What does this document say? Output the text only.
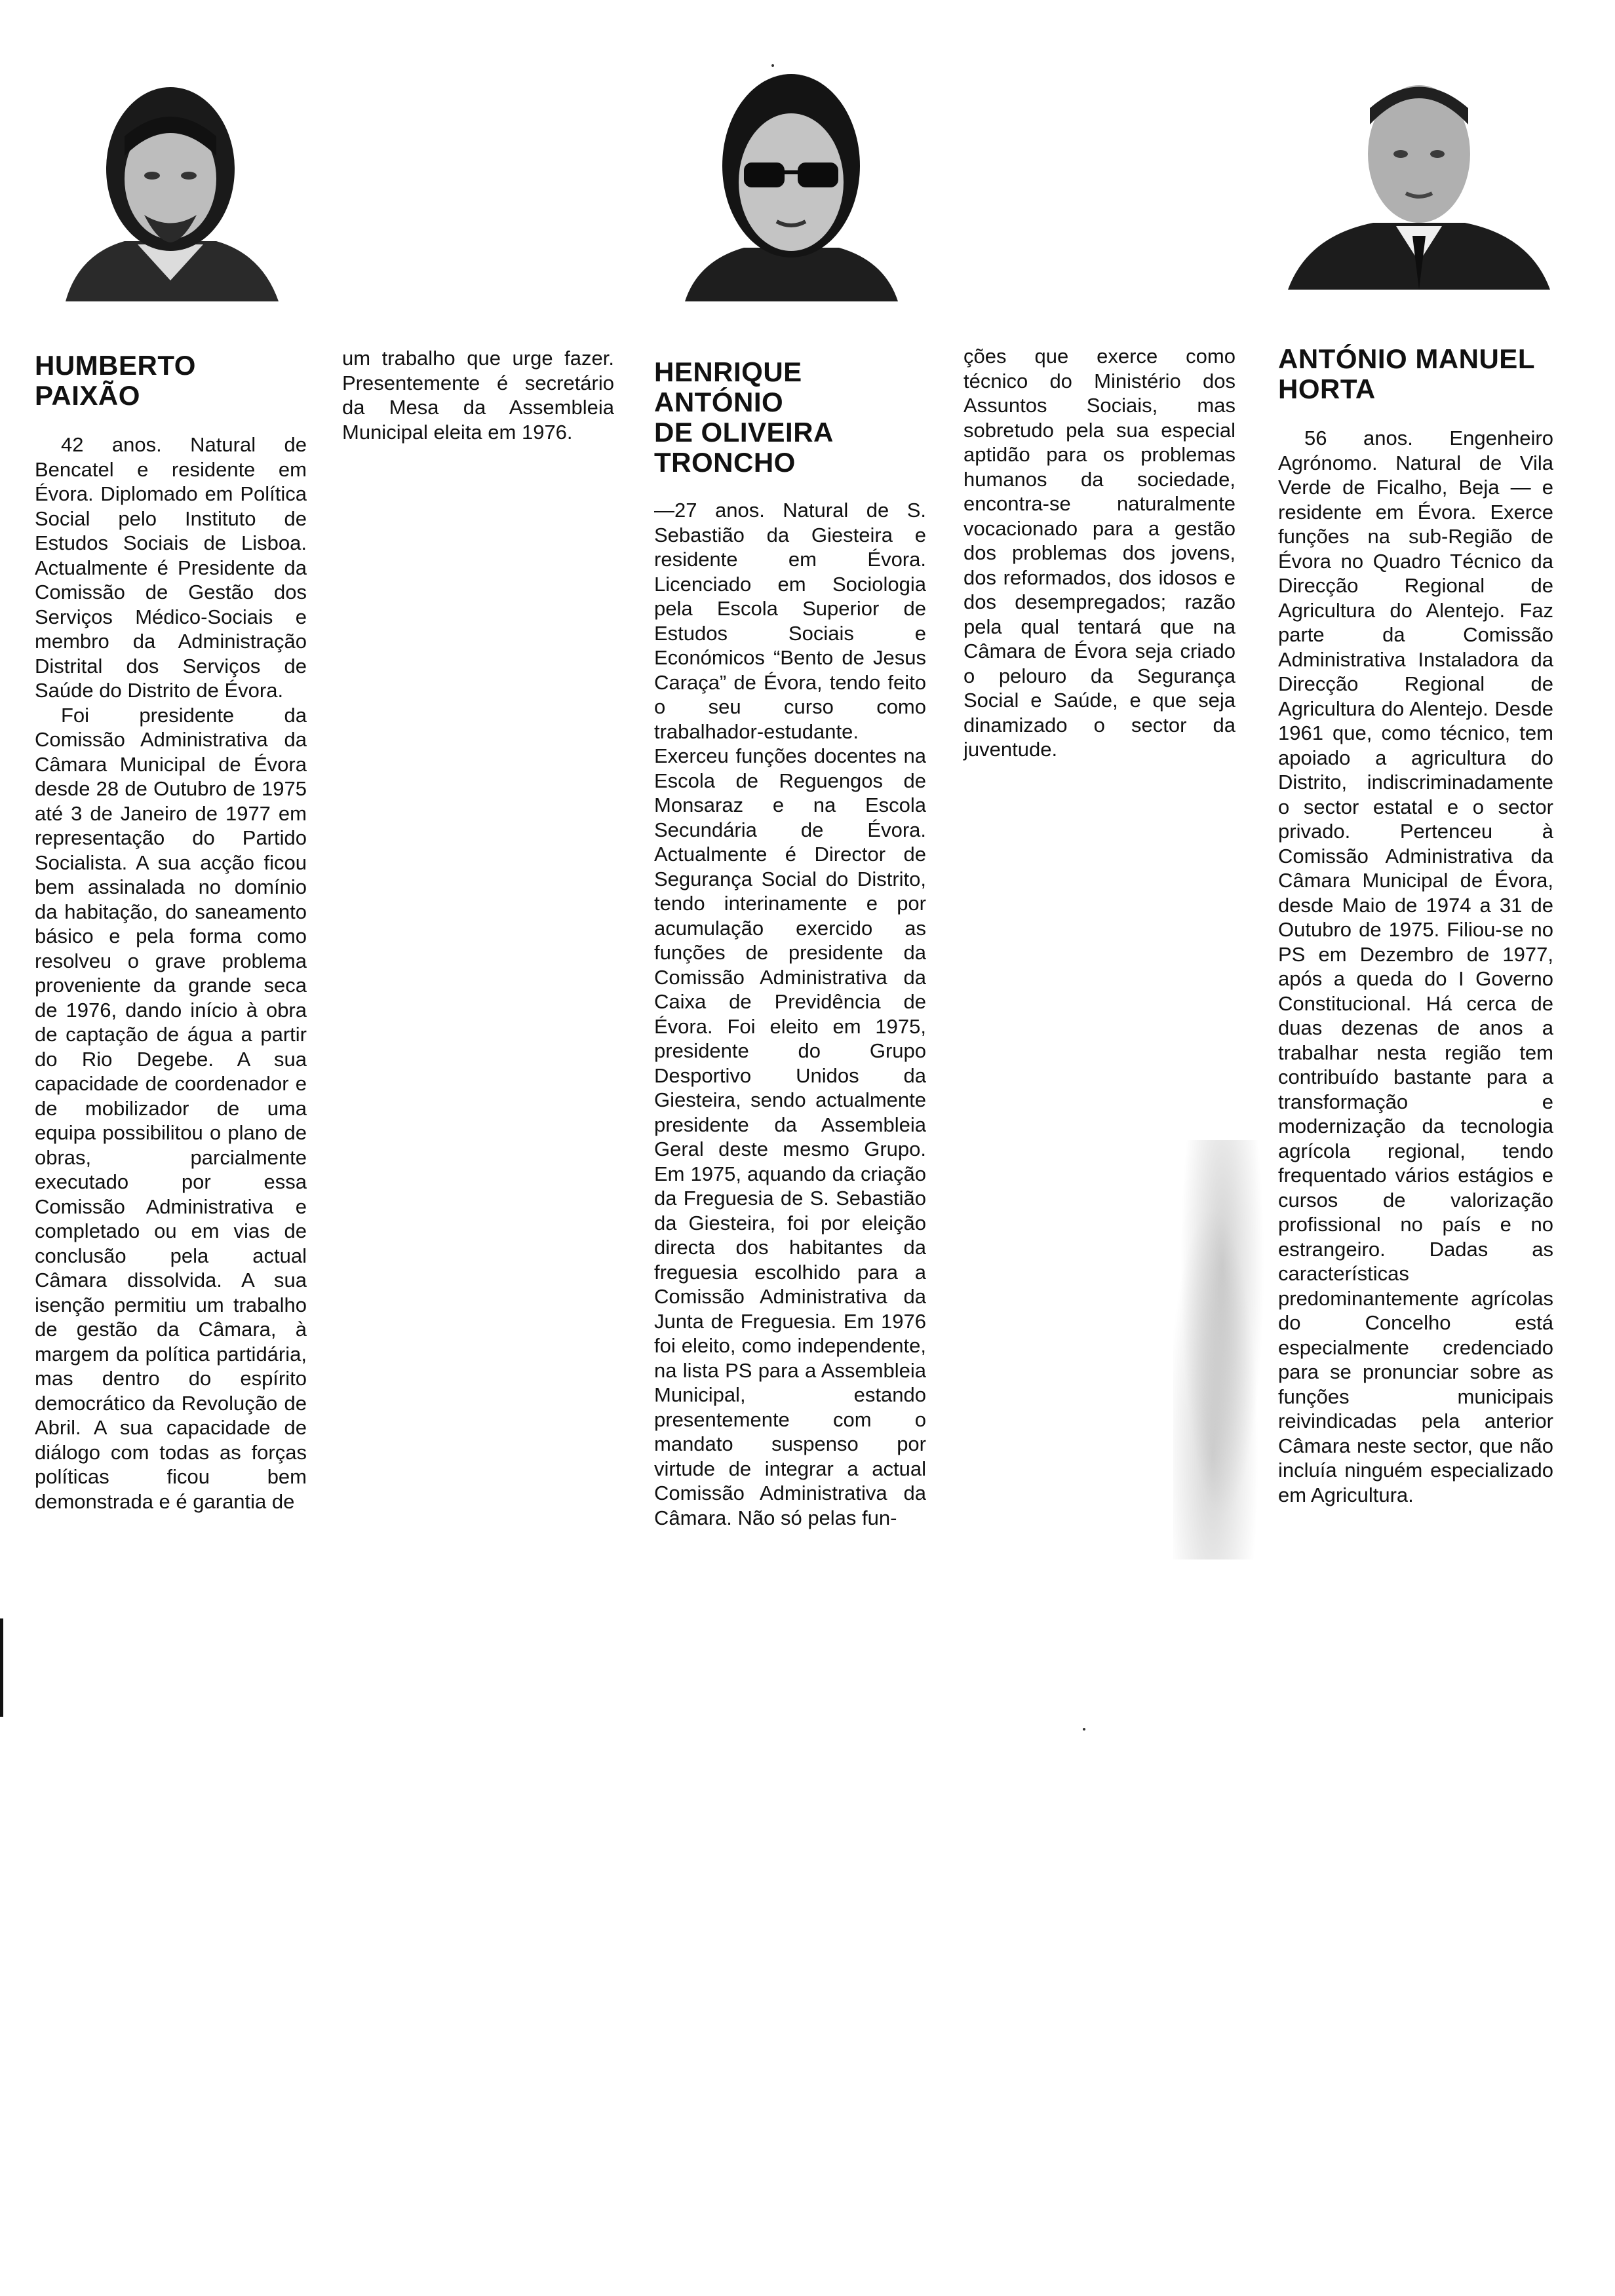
HUMBERTO
PAIXÃO

42 anos. Natural de Bencatel e residente em Évora. Diplomado em Política Social pelo Instituto de Estudos Sociais de Lisboa. Actualmente é Presidente da Comissão de Gestão dos Serviços Médico-Sociais e membro da Administração Distrital dos Serviços de Saúde do Distrito de Évora.

Foi presidente da Comissão Administrativa da Câmara Municipal de Évora desde 28 de Outubro de 1975 até 3 de Janeiro de 1977 em representação do Partido Socialista. A sua acção ficou bem assinalada no domínio da habitação, do saneamento básico e pela forma como resolveu o grave problema proveniente da grande seca de 1976, dando início à obra de captação de água a partir do Rio Degebe. A sua capacidade de coordenador e de mobilizador de uma equipa possibilitou o plano de obras, parcialmente executado por essa Comissão Administrativa e completado ou em vias de conclusão pela actual Câmara dissolvida. A sua isenção permitiu um trabalho de gestão da Câmara, à margem da política partidária, mas dentro do espírito democrático da Revolução de Abril. A sua capacidade de diálogo com todas as forças políticas ficou bem demonstrada e é garantia de

um trabalho que urge fazer. Presentemente é secretário da Mesa da Assembleia Municipal eleita em 1976.

HENRIQUE
ANTÓNIO
DE OLIVEIRA
TRONCHO

—27 anos. Natural de S. Sebastião da Giesteira e residente em Évora. Licenciado em Sociologia pela Escola Superior de Estudos Sociais e Económicos “Bento de Jesus Caraça” de Évora, tendo feito o seu curso como trabalhador-estudante. Exerceu funções docentes na Escola de Reguengos de Monsaraz e na Escola Secundária de Évora. Actualmente é Director de Segurança Social do Distrito, tendo interinamente e por acumulação exercido as funções de presidente da Comissão Administrativa da Caixa de Previdência de Évora. Foi eleito em 1975, presidente do Grupo Desportivo Unidos da Giesteira, sendo actualmente presidente da Assembleia Geral deste mesmo Grupo. Em 1975, aquando da criação da Freguesia de S. Sebastião da Giesteira, foi por eleição directa dos habitantes da freguesia escolhido para a Comissão Administrativa da Junta de Freguesia. Em 1976 foi eleito, como independente, na lista PS para a Assembleia Municipal, estando presentemente com o mandato suspenso por virtude de integrar a actual Comissão Administrativa da Câmara. Não só pelas fun-

ções que exerce como técnico do Ministério dos Assuntos Sociais, mas sobretudo pela sua especial aptidão para os problemas humanos da sociedade, encontra-se naturalmente vocacionado para a gestão dos problemas dos jovens, dos reformados, dos idosos e dos desempregados; razão pela qual tentará que na Câmara de Évora seja criado o pelouro da Segurança Social e Saúde, e que seja dinamizado o sector da juventude.

ANTÓNIO MANUEL
HORTA

56 anos. Engenheiro Agrónomo. Natural de Vila Verde de Ficalho, Beja — e residente em Évora. Exerce funções na sub-Região de Évora no Quadro Técnico da Direcção Regional de Agricultura do Alentejo. Faz parte da Comissão Administrativa Instaladora da Direcção Regional de Agricultura do Alentejo. Desde 1961 que, como técnico, tem apoiado a agricultura do Distrito, indiscriminadamente o sector estatal e o sector privado. Pertenceu à Comissão Administrativa da Câmara Municipal de Évora, desde Maio de 1974 a 31 de Outubro de 1975. Filiou-se no PS em Dezembro de 1977, após a queda do I Governo Constitucional. Há cerca de duas dezenas de anos a trabalhar nesta região tem contribuído bastante para a transformação e modernização da tecnologia agrícola regional, tendo frequentado vários estágios e cursos de valorização profissional no país e no estrangeiro. Dadas as características predominantemente agrícolas do Concelho está especialmente credenciado para se pronunciar sobre as funções municipais reivindicadas pela anterior Câmara neste sector, que não incluía ninguém especializado em Agricultura.
